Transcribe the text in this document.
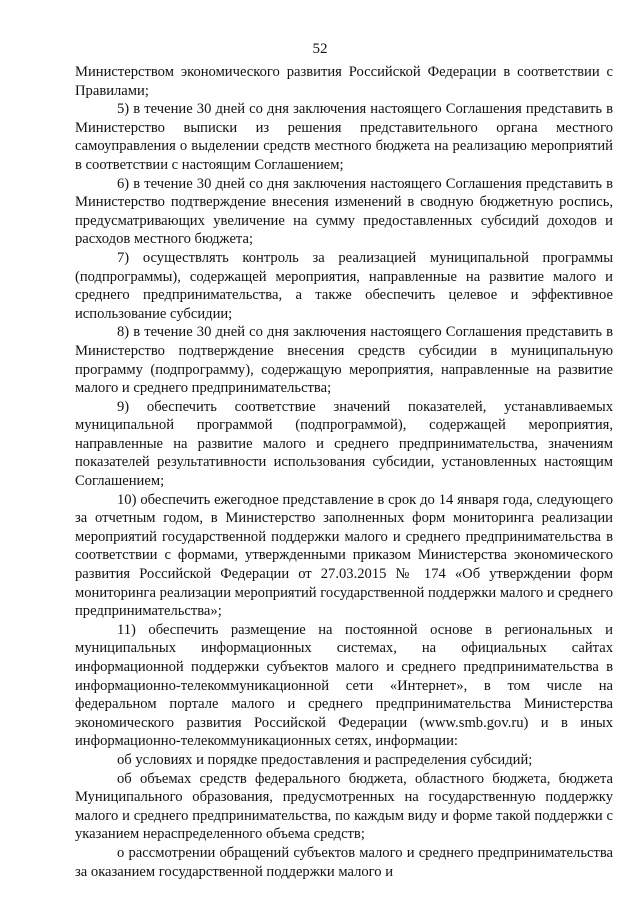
52

Министерством экономического развития Российской Федерации в соответствии с Правилами;

5) в течение 30 дней со дня заключения настоящего Соглашения представить в Министерство выписки из решения представительного органа местного самоуправления о выделении средств местного бюджета на реализацию мероприятий в соответствии с настоящим Соглашением;

6) в течение 30 дней со дня заключения настоящего Соглашения представить в Министерство подтверждение внесения изменений в сводную бюджетную роспись, предусматривающих увеличение на сумму предоставленных субсидий доходов и расходов местного бюджета;

7) осуществлять контроль за реализацией муниципальной программы (подпрограммы), содержащей мероприятия, направленные на развитие малого и среднего предпринимательства, а также обеспечить целевое и эффективное использование субсидии;

8) в течение 30 дней со дня заключения настоящего Соглашения представить в Министерство подтверждение внесения средств субсидии в муниципальную программу (подпрограмму), содержащую мероприятия, направленные на развитие малого и среднего предпринимательства;

9) обеспечить соответствие значений показателей, устанавливаемых муниципальной программой (подпрограммой), содержащей мероприятия, направленные на развитие малого и среднего предпринимательства, значениям показателей результативности использования субсидии, установленных настоящим Соглашением;

10) обеспечить ежегодное представление в срок до 14 января года, следующего за отчетным годом, в Министерство заполненных форм мониторинга реализации мероприятий государственной поддержки малого и среднего предпринимательства в соответствии с формами, утвержденными приказом Министерства экономического развития Российской Федерации от 27.03.2015 № 174 «Об утверждении форм мониторинга реализации мероприятий государственной поддержки малого и среднего предпринимательства»;

11) обеспечить размещение на постоянной основе в региональных и муниципальных информационных системах, на официальных сайтах информационной поддержки субъектов малого и среднего предпринимательства в информационно-телекоммуникационной сети «Интернет», в том числе на федеральном портале малого и среднего предпринимательства Министерства экономического развития Российской Федерации (www.smb.gov.ru) и в иных информационно-телекоммуникационных сетях, информации:

об условиях и порядке предоставления и распределения субсидий;

об объемах средств федерального бюджета, областного бюджета, бюджета Муниципального образования, предусмотренных на государственную поддержку малого и среднего предпринимательства, по каждым виду и форме такой поддержки с указанием нераспределенного объема средств;

о рассмотрении обращений субъектов малого и среднего предпринимательства за оказанием государственной поддержки малого и
